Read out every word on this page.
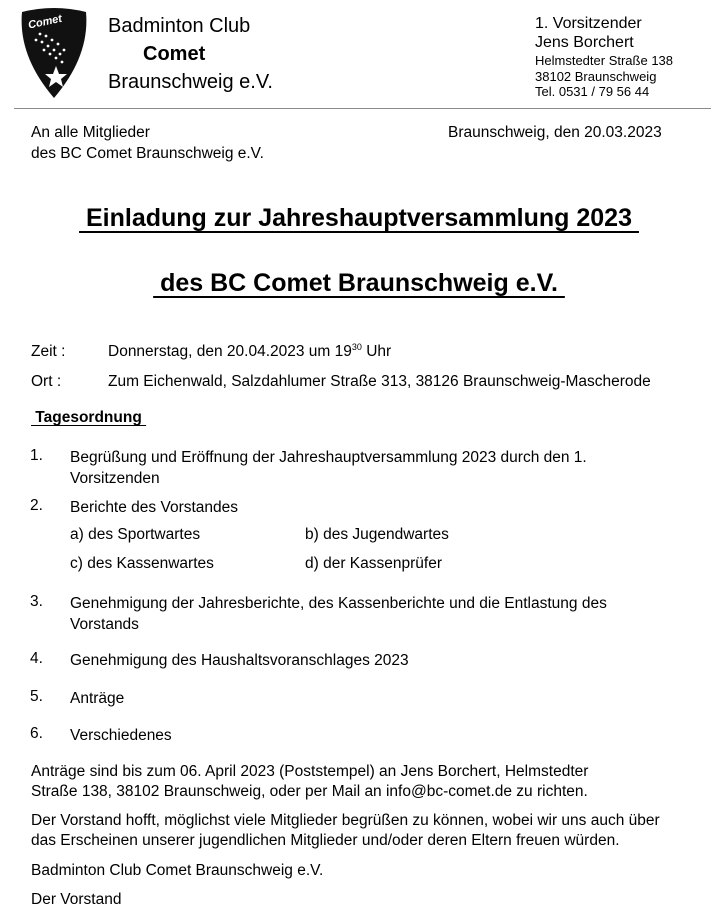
Comet Badminton Club
Comet
Braunschweig e.V.
1. Vorsitzender
Jens Borchert
Helmstedter Straße 138
38102 Braunschweig
Tel. 0531 / 79 56 44
An alle Mitglieder
des BC Comet Braunschweig e.V.
Braunschweig, den 20.03.2023
Einladung zur Jahreshauptversammlung 2023
des BC Comet Braunschweig e.V.
Zeit :	Donnerstag, den 20.04.2023 um $19^{30}$ Uhr
Ort :	Zum Eichenwald, Salzdahlumer Straße 313, 38126 Braunschweig-Mascherode
Tagesordnung
1. Begrüßung und Eröffnung der Jahreshauptversammlung 2023 durch den 1. Vorsitzenden
2. Berichte des Vorstandes
a) des Sportwartes	b) des Jugendwartes
c) des Kassenwartes	d) der Kassenprüfer
3. Genehmigung der Jahresberichte, des Kassenberichte und die Entlastung des Vorstands
4. Genehmigung des Haushaltsvoranschlages 2023
5. Anträge
6. Verschiedenes
Anträge sind bis zum 06. April 2023 (Poststempel) an Jens Borchert, Helmstedter
Straße 138, 38102 Braunschweig, oder per Mail an info@bc-comet.de zu richten.
Der Vorstand hofft, möglichst viele Mitglieder begrüßen zu können, wobei wir uns auch über
das Erscheinen unserer jugendlichen Mitglieder und/oder deren Eltern freuen würden.
Badminton Club Comet Braunschweig e.V.
Der Vorstand
